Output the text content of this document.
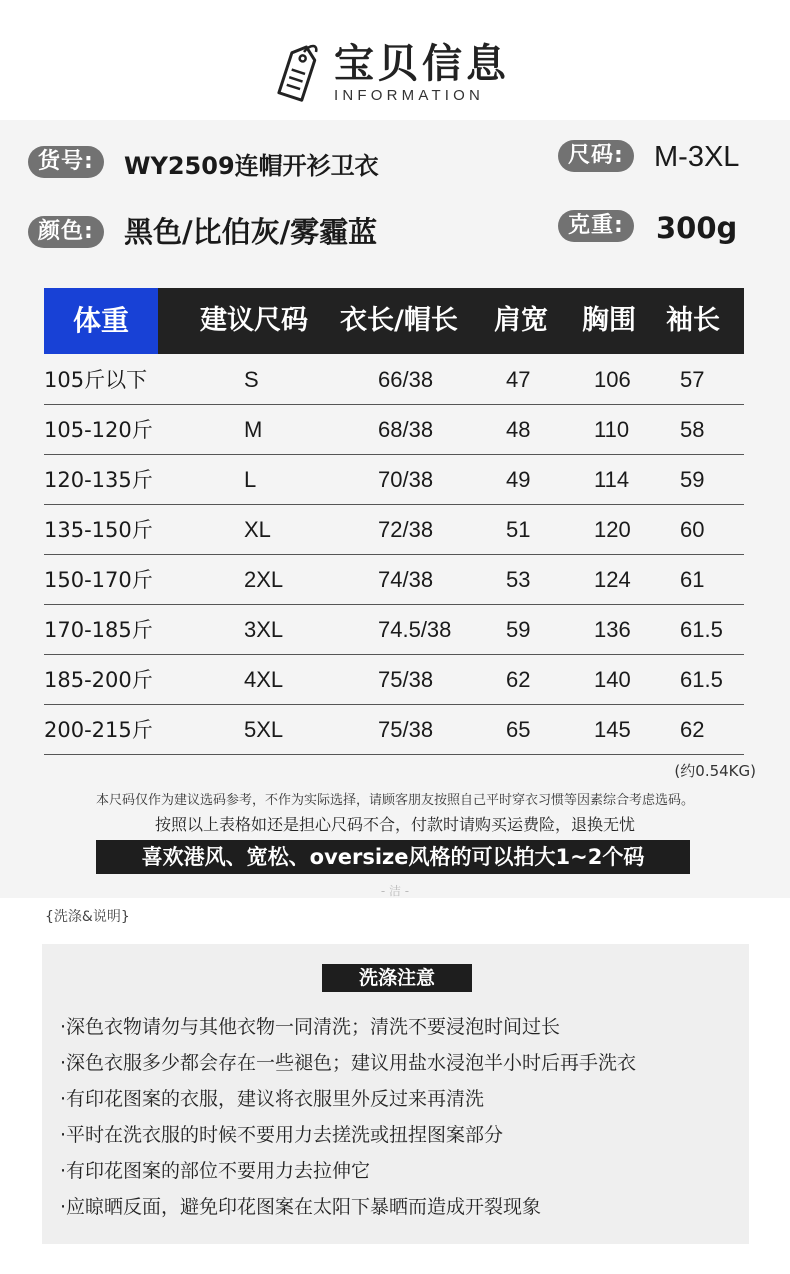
宝贝信息
INFORMATION
货号:	WY2509连帽开衫卫衣	尺码:	M-3XL
颜色:	黑色/比伯灰/雾霾蓝	克重:	300g
体重	建议尺码 衣长/帽长 肩宽 胸围 袖长
105斤以下	S	66/38	47	106 57
105-120斤	M	68/38	48	110 58
120-135斤	L	70/38	49	114 59
135-150斤	XL	72/38	51	120 60
150-170斤	2XL	74/38	53	124 61
170-185斤	3XL	74.5/38 59	136 61.5
185-200斤	4XL	75/38	62	140 61.5
200-215斤	5XL	75/38	65	145 62
(约0.54KG)
本尺码仅作为建议选码参考，不作为实际选择，请顾客朋友按照自己平时穿衣习惯等因素综合考虑选码。
按照以上表格如还是担心尺码不合，付款时请购买运费险，退换无忧
喜欢港风、宽松、oversize风格的可以拍大1~2个码
- 洁 -
{洗涤&说明}
洗涤注意
·深色衣物请勿与其他衣物一同清洗；清洗不要浸泡时间过长
·深色衣服多少都会存在一些褪色；建议用盐水浸泡半小时后再手洗衣
·有印花图案的衣服，建议将衣服里外反过来再清洗
·平时在洗衣服的时候不要用力去搓洗或扭捏图案部分
·有印花图案的部位不要用力去拉伸它
·应晾晒反面，避免印花图案在太阳下暴晒而造成开裂现象
